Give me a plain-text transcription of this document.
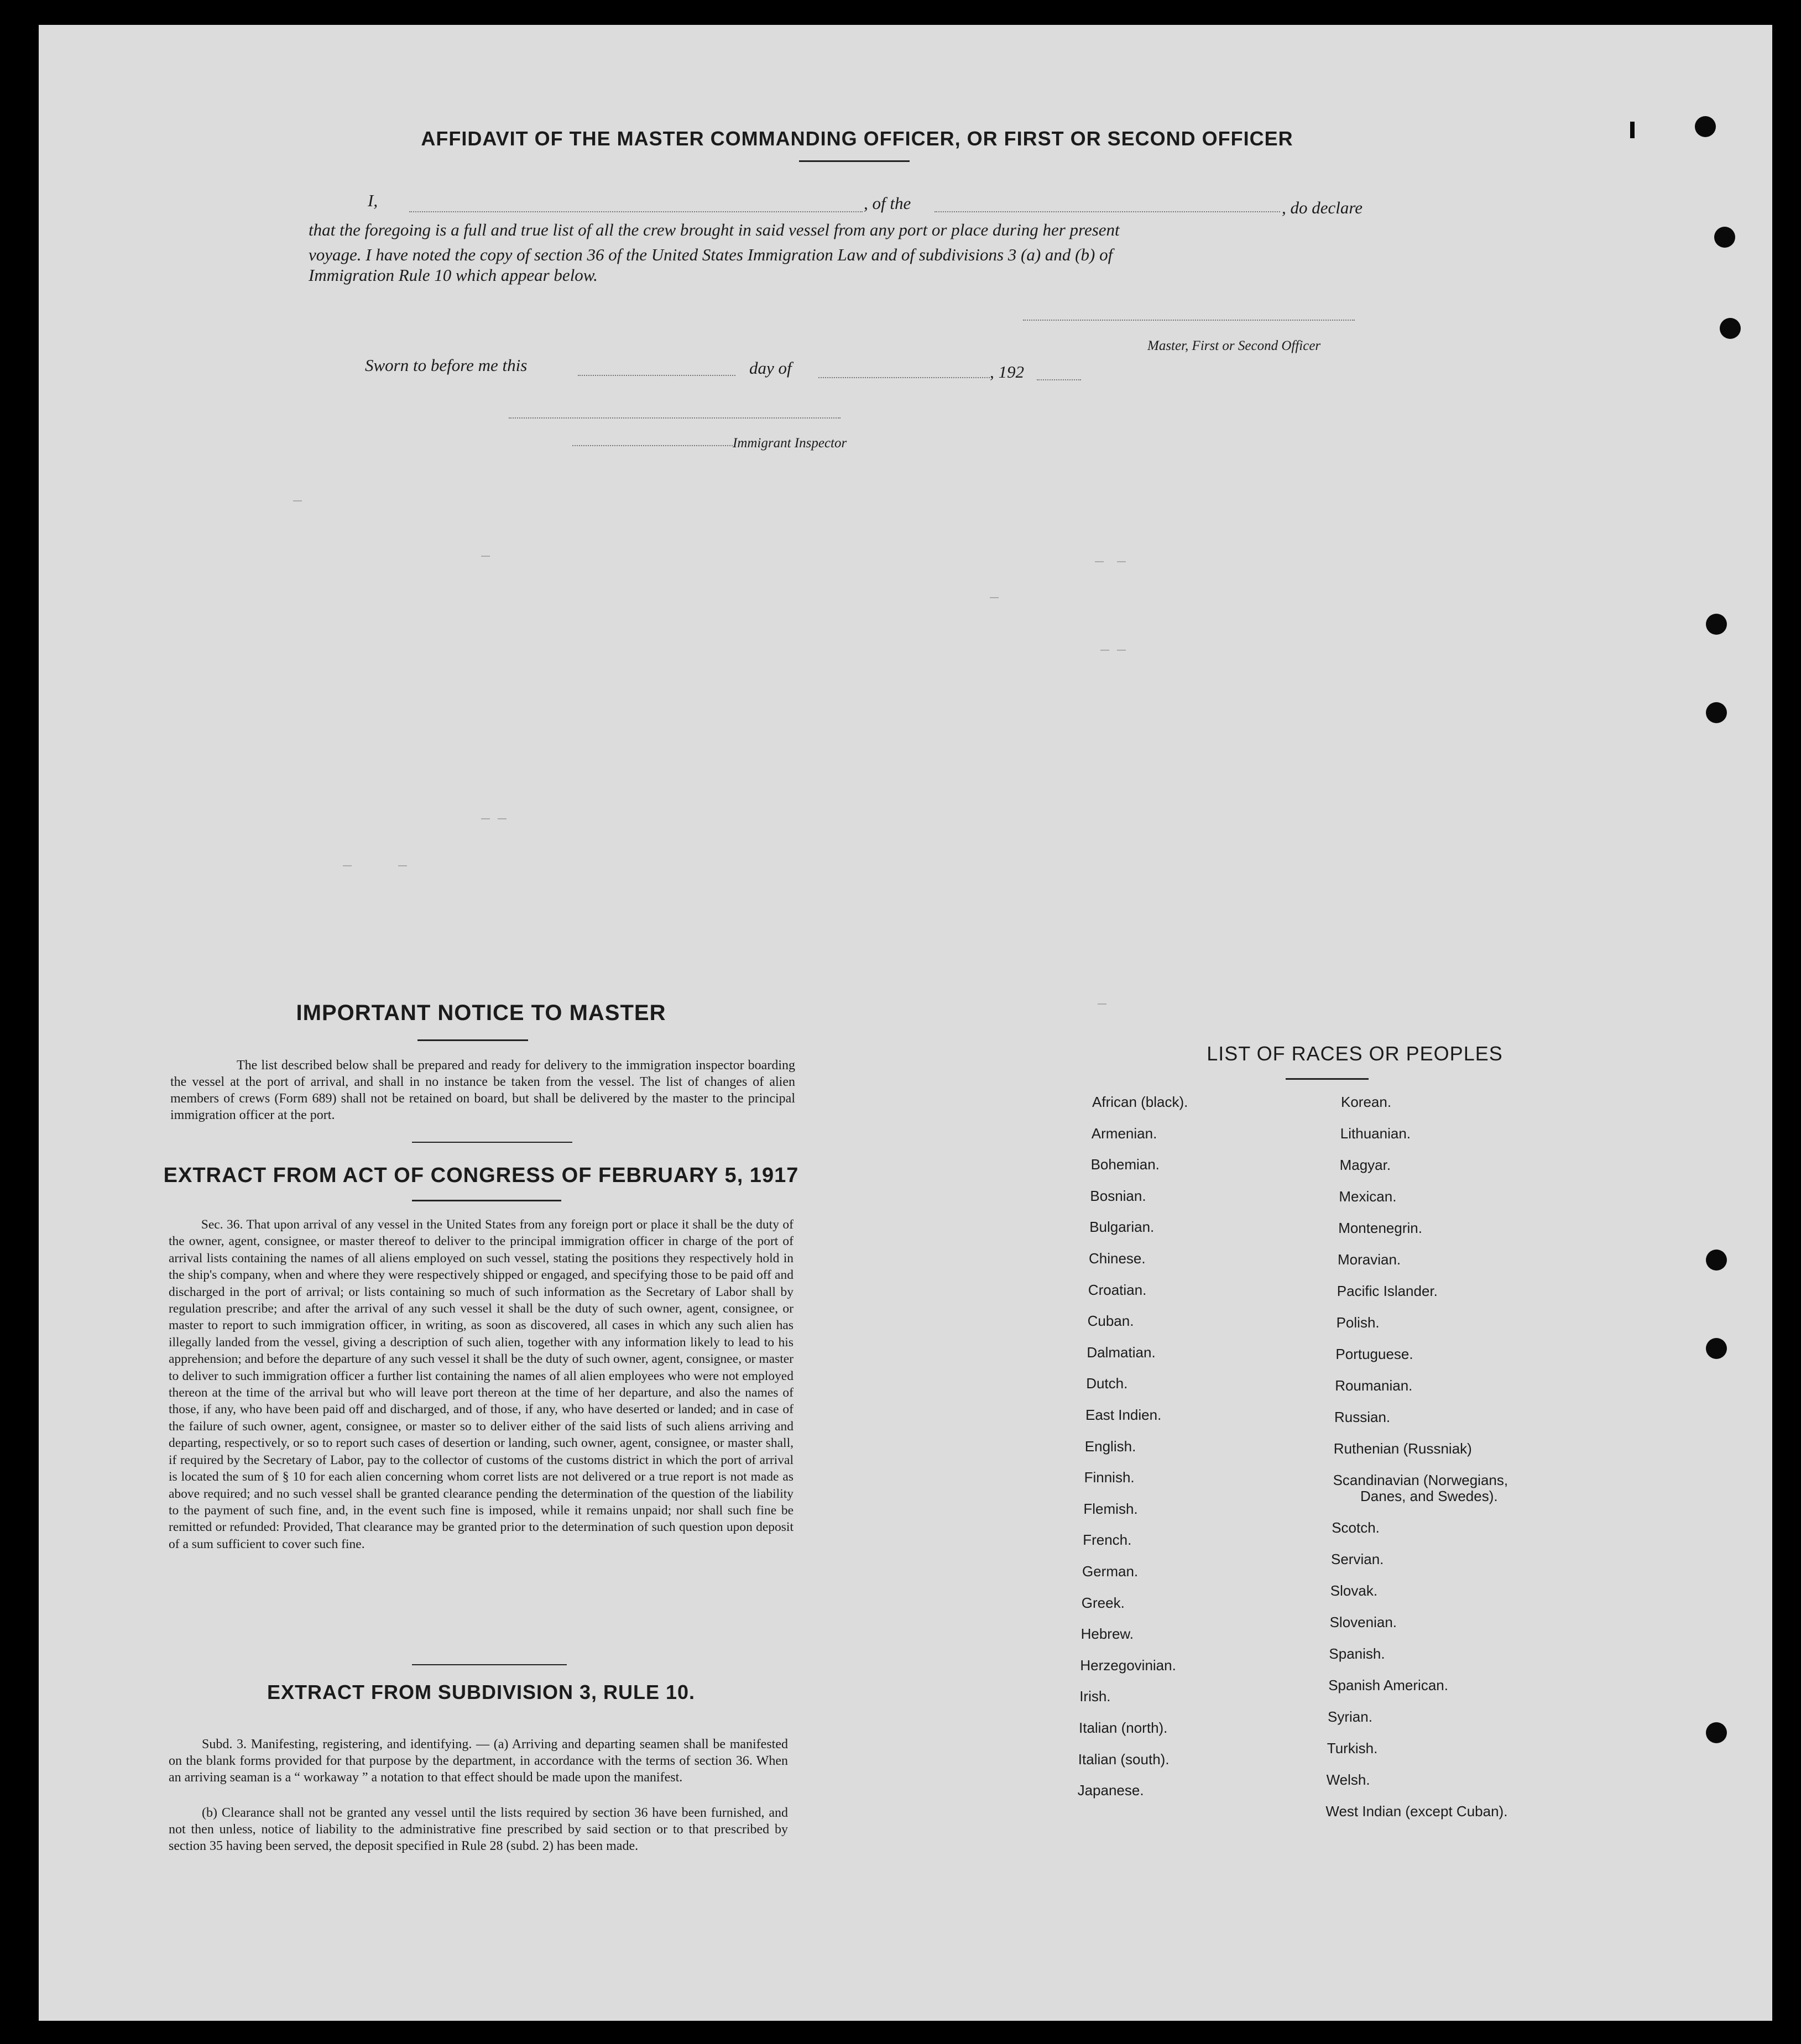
AFFIDAVIT OF THE MASTER COMMANDING OFFICER, OR FIRST OR SECOND OFFICER
I,	, of the	, do declare
that the foregoing is a full and true list of all the crew brought in said vessel from any port or place during her present
voyage. I have noted the copy of section 36 of the United States Immigration Law and of subdivisions 3 (a) and (b) of
Immigration Rule 10 which appear below.
Master, First or Second Officer
Sworn to before me this	day of	, 192
Immigrant Inspector
IMPORTANT NOTICE TO MASTER
The list described below shall be prepared and ready for delivery to the immigration inspector boarding the vessel at the port of arrival, and shall in no instance be taken from the vessel. The list of changes of alien members of crews (Form 689) shall not be retained on board, but shall be delivered by the master to the principal immigration officer at the port.
EXTRACT FROM ACT OF CONGRESS OF FEBRUARY 5, 1917
Sec. 36. That upon arrival of any vessel in the United States from any foreign port or place it shall be the duty of the owner, agent, consignee, or master thereof to deliver to the principal immigration officer in charge of the port of arrival lists containing the names of all aliens employed on such vessel, stating the positions they respectively hold in the ship's company, when and where they were respectively shipped or engaged, and specifying those to be paid off and discharged in the port of arrival; or lists containing so much of such information as the Secretary of Labor shall by regulation prescribe; and after the arrival of any such vessel it shall be the duty of such owner, agent, consignee, or master to report to such immigration officer, in writing, as soon as discovered, all cases in which any such alien has illegally landed from the vessel, giving a description of such alien, together with any information likely to lead to his apprehension; and before the departure of any such vessel it shall be the duty of such owner, agent, consignee, or master to deliver to such immigration officer a further list containing the names of all alien employees who were not employed thereon at the time of the arrival but who will leave port thereon at the time of her departure, and also the names of those, if any, who have been paid off and discharged, and of those, if any, who have deserted or landed; and in case of the failure of such owner, agent, consignee, or master so to deliver either of the said lists of such aliens arriving and departing, respectively, or so to report such cases of desertion or landing, such owner, agent, consignee, or master shall, if required by the Secretary of Labor, pay to the collector of customs of the customs district in which the port of arrival is located the sum of § 10 for each alien concerning whom corret lists are not delivered or a true report is not made as above required; and no such vessel shall be granted clearance pending the determination of the question of the liability to the payment of such fine, and, in the event such fine is imposed, while it remains unpaid; nor shall such fine be remitted or refunded: Provided, That clearance may be granted prior to the determination of such question upon deposit of a sum sufficient to cover such fine.
EXTRACT FROM SUBDIVISION 3, RULE 10.
Subd. 3. Manifesting, registering, and identifying. — (a) Arriving and departing seamen shall be manifested on the blank forms provided for that purpose by the department, in accordance with the terms of section 36. When an arriving seaman is a “ workaway ” a notation to that effect should be made upon the manifest.
(b) Clearance shall not be granted any vessel until the lists required by section 36 have been furnished, and not then unless, notice of liability to the administrative fine prescribed by said section or to that prescribed by section 35 having been served, the deposit specified in Rule 28 (subd. 2) has been made.
LIST OF RACES OR PEOPLES
African (black).
Armenian.
Bohemian.
Bosnian.
Bulgarian.
Chinese.
Croatian.
Cuban.
Dalmatian.
Dutch.
East Indien.
English.
Finnish.
Flemish.
French.
German.
Greek.
Hebrew.
Herzegovinian.
Irish.
Italian (north).
Italian (south).
Japanese.
Korean.
Lithuanian.
Magyar.
Mexican.
Montenegrin.
Moravian.
Pacific Islander.
Polish.
Portuguese.
Roumanian.
Russian.
Ruthenian (Russniak)
Scandinavian (Norwegians,
Danes, and Swedes).
Scotch.
Servian.
Slovak.
Slovenian.
Spanish.
Spanish American.
Syrian.
Turkish.
Welsh.
West Indian (except Cuban).
